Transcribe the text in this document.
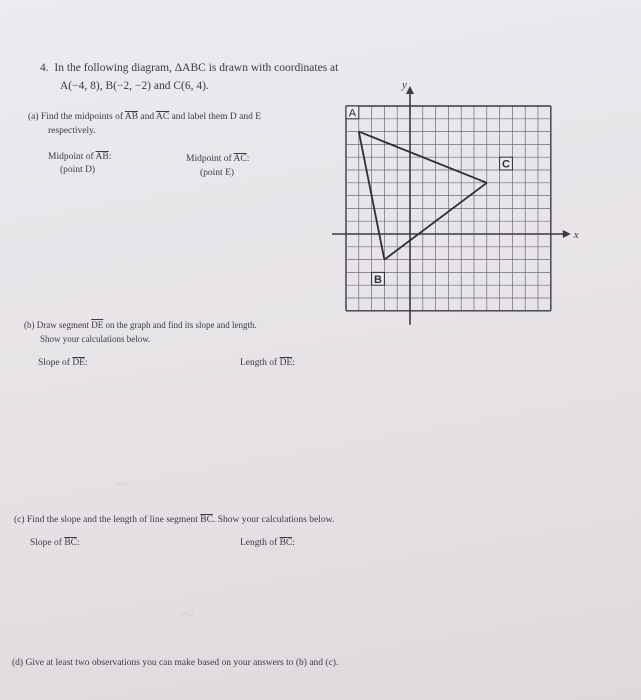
4. In the following diagram, ΔABC is drawn with coordinates at
A(−4, 8), B(−2, −2) and C(6, 4).
(a) Find the midpoints of $\overline{AB}$ and $\overline{AC}$ and label them D and E
respectively.
Midpoint of $\overline{AB}$:
(point D)
Midpoint of $\overline{AC}$:
(point E)
(b) Draw segment $\overline{DE}$ on the graph and find its slope and length.
Show your calculations below.
Slope of $\overline{DE}$:	Length of $\overline{DE}$:
~
~
(c) Find the slope and the length of line segment $\overline{BC}$. Show your calculations below.
Slope of $\overline{BC}$:	Length of $\overline{BC}$:
(d) Give at least two observations you can make based on your answers to (b) and (c).
x
y
A
B
C
